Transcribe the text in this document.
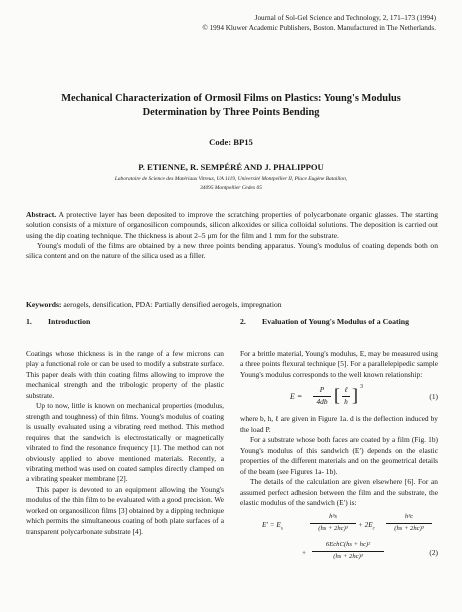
Journal of Sol-Gel Science and Technology, 2, 171–173 (1994)
© 1994 Kluwer Academic Publishers, Boston. Manufactured in The Netherlands.
Mechanical Characterization of Ormosil Films on Plastics: Young's Modulus Determination by Three Points Bending
Code: BP15
P. ETIENNE, R. SEMPÉRÉ AND J. PHALIPPOU
Laboratoire de Science des Matériaux Vitreux, UA 1119, Université Montpellier II, Place Eugène Bataillon,
34095 Montpellier Cedex 05

Abstract. A protective layer has been deposited to improve the scratching properties of polycarbonate organic glasses. The starting solution consists of a mixture of organosilicon compounds, silicon alkoxides or silica colloidal solutions. The deposition is carried out using the dip coating technique. The thickness is about 2–5 μm for the film and 1 mm for the substrate.

Young's moduli of the films are obtained by a new three points bending apparatus. Young's modulus of coating depends both on silica content and on the nature of the silica used as a filler.

Keywords: aerogels, densification, PDA: Partially densified aerogels, impregnation
1. Introduction

Coatings whose thickness is in the range of a few microns can play a functional role or can be used to modify a substrate surface. This paper deals with thin coating films allowing to improve the mechanical strength and the tribologic property of the plastic substrate.

Up to now, little is known on mechanical properties (modulus, strength and toughness) of thin films. Young's modulus of coating is usually evaluated using a vibrating reed method. This method requires that the sandwich is electrostatically or magnetically vibrated to find the resonance frequency [1]. The method can not obviously applied to above mentioned materials. Recently, a vibrating method was used on coated samples directly clamped on a vibrating speaker membrane [2].

This paper is devoted to an equipment allowing the Young's modulus of the thin film to be evaluated with a good precision. We worked on organosilicon films [3] obtained by a dipping technique which permits the simultaneous coating of both plate surfaces of a transparent polycarbonate substrate [4].

2. Evaluation of Young's Modulus of a Coating

For a brittle material, Young's modulus, E, may be measured using a three points flexural technique [5]. For a parallelepipedic sample Young's modulus corresponds to the well known relationship:

E =
P
4db [ ℓ
h ] 3
(1)

where b, h, ℓ are given in Figure 1a. d is the deflection induced by the load P.

For a substrate whose both faces are coated by a film (Fig. 1b) Young's modulus of this sandwich (E′) depends on the elastic properties of the different materials and on the geometrical details of the beam (see Figures 1a- 1b).

The details of the calculation are given elsewhere [6]. For an assumed perfect adhesion between the film and the substrate, the elastic modulus of the sandwich (E′) is:

$E' = E_s$
h³s
(hs + 2hc)³	+ $2E_c$
h³c
(hs + 2hc)³
+
6EchC(hs + hc)²
(hs + 2hc)³	(2)
